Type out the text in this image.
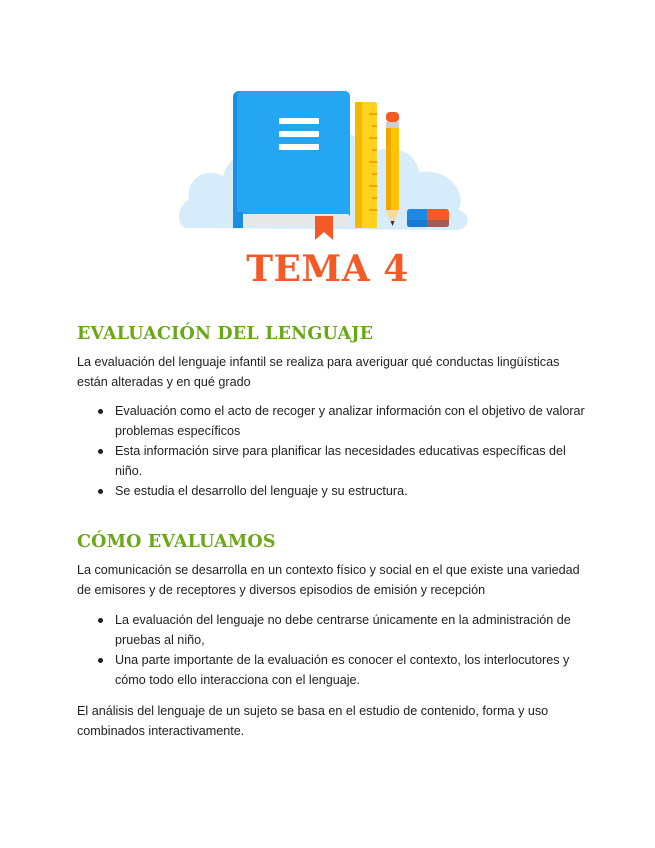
TEMA 4
EVALUACIÓN DEL LENGUAJE

La evaluación del lenguaje infantil se realiza para averiguar qué conductas lingüísticas están alteradas y en qué grado

Evaluación como el acto de recoger y analizar información con el objetivo de valorar problemas específicos
Esta información sirve para planificar las necesidades educativas específicas del niño.
Se estudia el desarrollo del lenguaje y su estructura.
CÓMO EVALUAMOS

La comunicación se desarrolla en un contexto físico y social en el que existe una variedad de emisores y de receptores y diversos episodios de emisión y recepción

La evaluación del lenguaje no debe centrarse únicamente en la administración de pruebas al niño,
Una parte importante de la evaluación es conocer el contexto, los interlocutores y cómo todo ello interacciona con el lenguaje.

El análisis del lenguaje de un sujeto se basa en el estudio de contenido, forma y uso combinados interactivamente.
